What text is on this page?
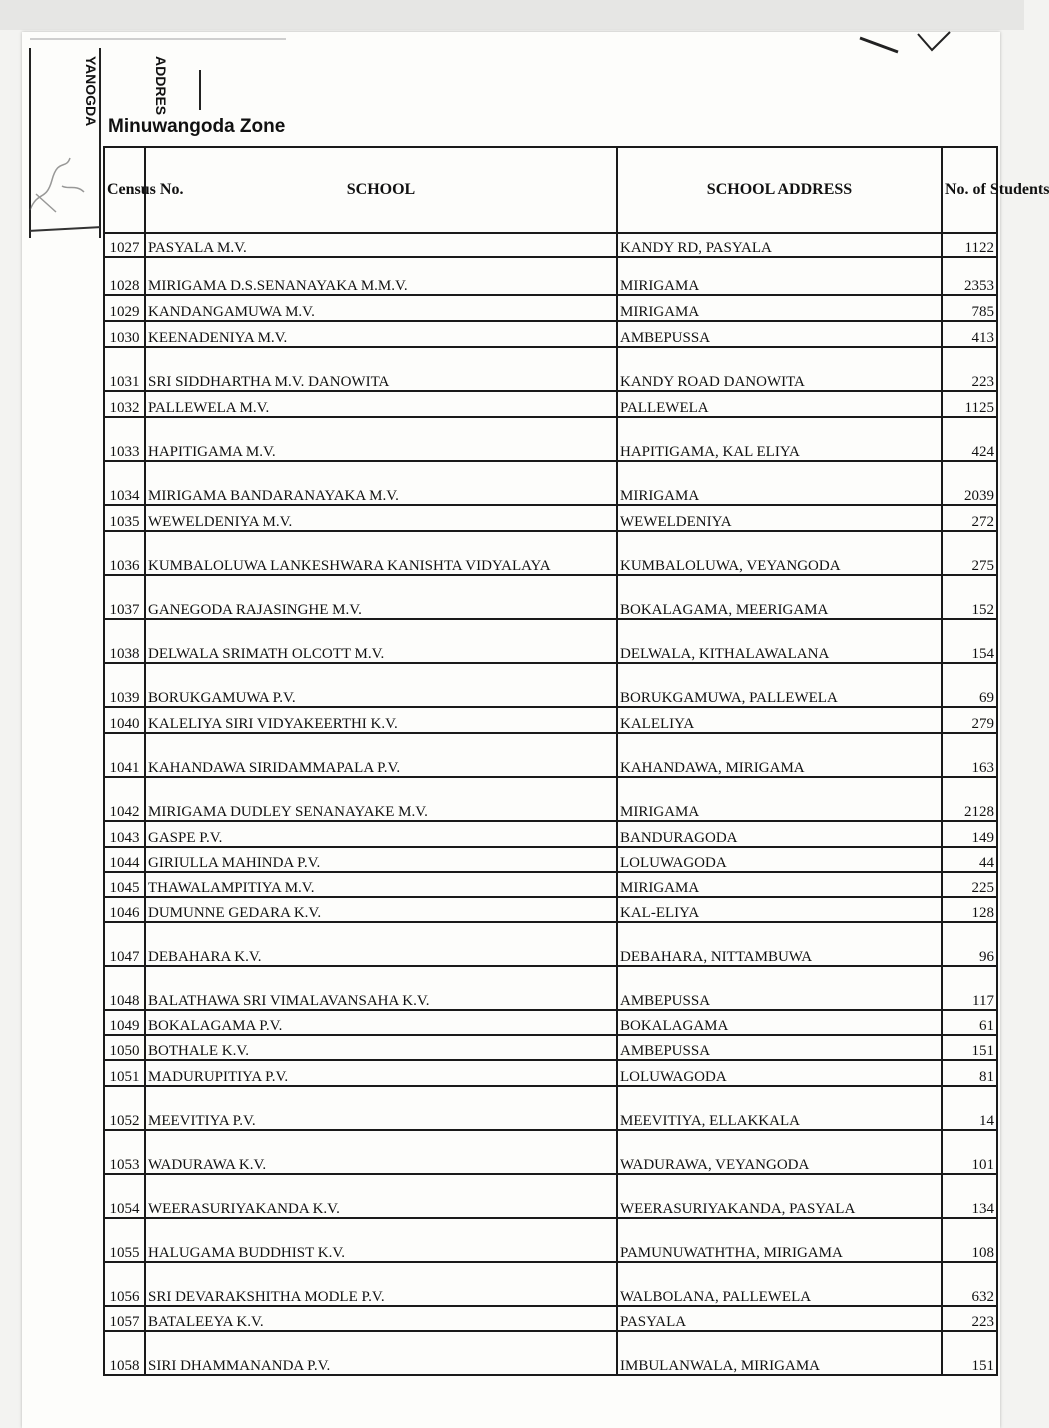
YANOGDA	ADDRES
Minuwangoda Zone
Census No.	SCHOOL	SCHOOL ADDRESS	No. of Students
1027	PASYALA M.V.	KANDY RD, PASYALA	1122
1028	MIRIGAMA D.S.SENANAYAKA M.M.V.	MIRIGAMA	2353
1029	KANDANGAMUWA M.V.	MIRIGAMA	785
1030	KEENADENIYA M.V.	AMBEPUSSA	413
1031	SRI SIDDHARTHA M.V. DANOWITA	KANDY ROAD DANOWITA	223
1032	PALLEWELA M.V.	PALLEWELA	1125
1033	HAPITIGAMA M.V.	HAPITIGAMA, KAL ELIYA	424
1034	MIRIGAMA BANDARANAYAKA M.V.	MIRIGAMA	2039
1035	WEWELDENIYA M.V.	WEWELDENIYA	272
1036	KUMBALOLUWA LANKESHWARA KANISHTA VIDYALAYA	KUMBALOLUWA, VEYANGODA	275
1037	GANEGODA RAJASINGHE M.V.	BOKALAGAMA, MEERIGAMA	152
1038	DELWALA SRIMATH OLCOTT M.V.	DELWALA, KITHALAWALANA	154
1039	BORUKGAMUWA P.V.	BORUKGAMUWA, PALLEWELA	69
1040	KALELIYA SIRI VIDYAKEERTHI K.V.	KALELIYA	279
1041	KAHANDAWA SIRIDAMMAPALA P.V.	KAHANDAWA, MIRIGAMA	163
1042	MIRIGAMA DUDLEY SENANAYAKE M.V.	MIRIGAMA	2128
1043	GASPE P.V.	BANDURAGODA	149
1044	GIRIULLA MAHINDA P.V.	LOLUWAGODA	44
1045	THAWALAMPITIYA M.V.	MIRIGAMA	225
1046	DUMUNNE GEDARA K.V.	KAL-ELIYA	128
1047	DEBAHARA K.V.	DEBAHARA, NITTAMBUWA	96
1048	BALATHAWA SRI VIMALAVANSAHA K.V.	AMBEPUSSA	117
1049	BOKALAGAMA P.V.	BOKALAGAMA	61
1050	BOTHALE K.V.	AMBEPUSSA	151
1051	MADURUPITIYA P.V.	LOLUWAGODA	81
1052	MEEVITIYA P.V.	MEEVITIYA, ELLAKKALA	14
1053	WADURAWA K.V.	WADURAWA, VEYANGODA	101
1054	WEERASURIYAKANDA K.V.	WEERASURIYAKANDA, PASYALA	134
1055	HALUGAMA BUDDHIST K.V.	PAMUNUWATHTHA, MIRIGAMA	108
1056	SRI DEVARAKSHITHA MODLE P.V.	WALBOLANA, PALLEWELA	632
1057	BATALEEYA K.V.	PASYALA	223
1058	SIRI DHAMMANANDA P.V.	IMBULANWALA, MIRIGAMA	151
